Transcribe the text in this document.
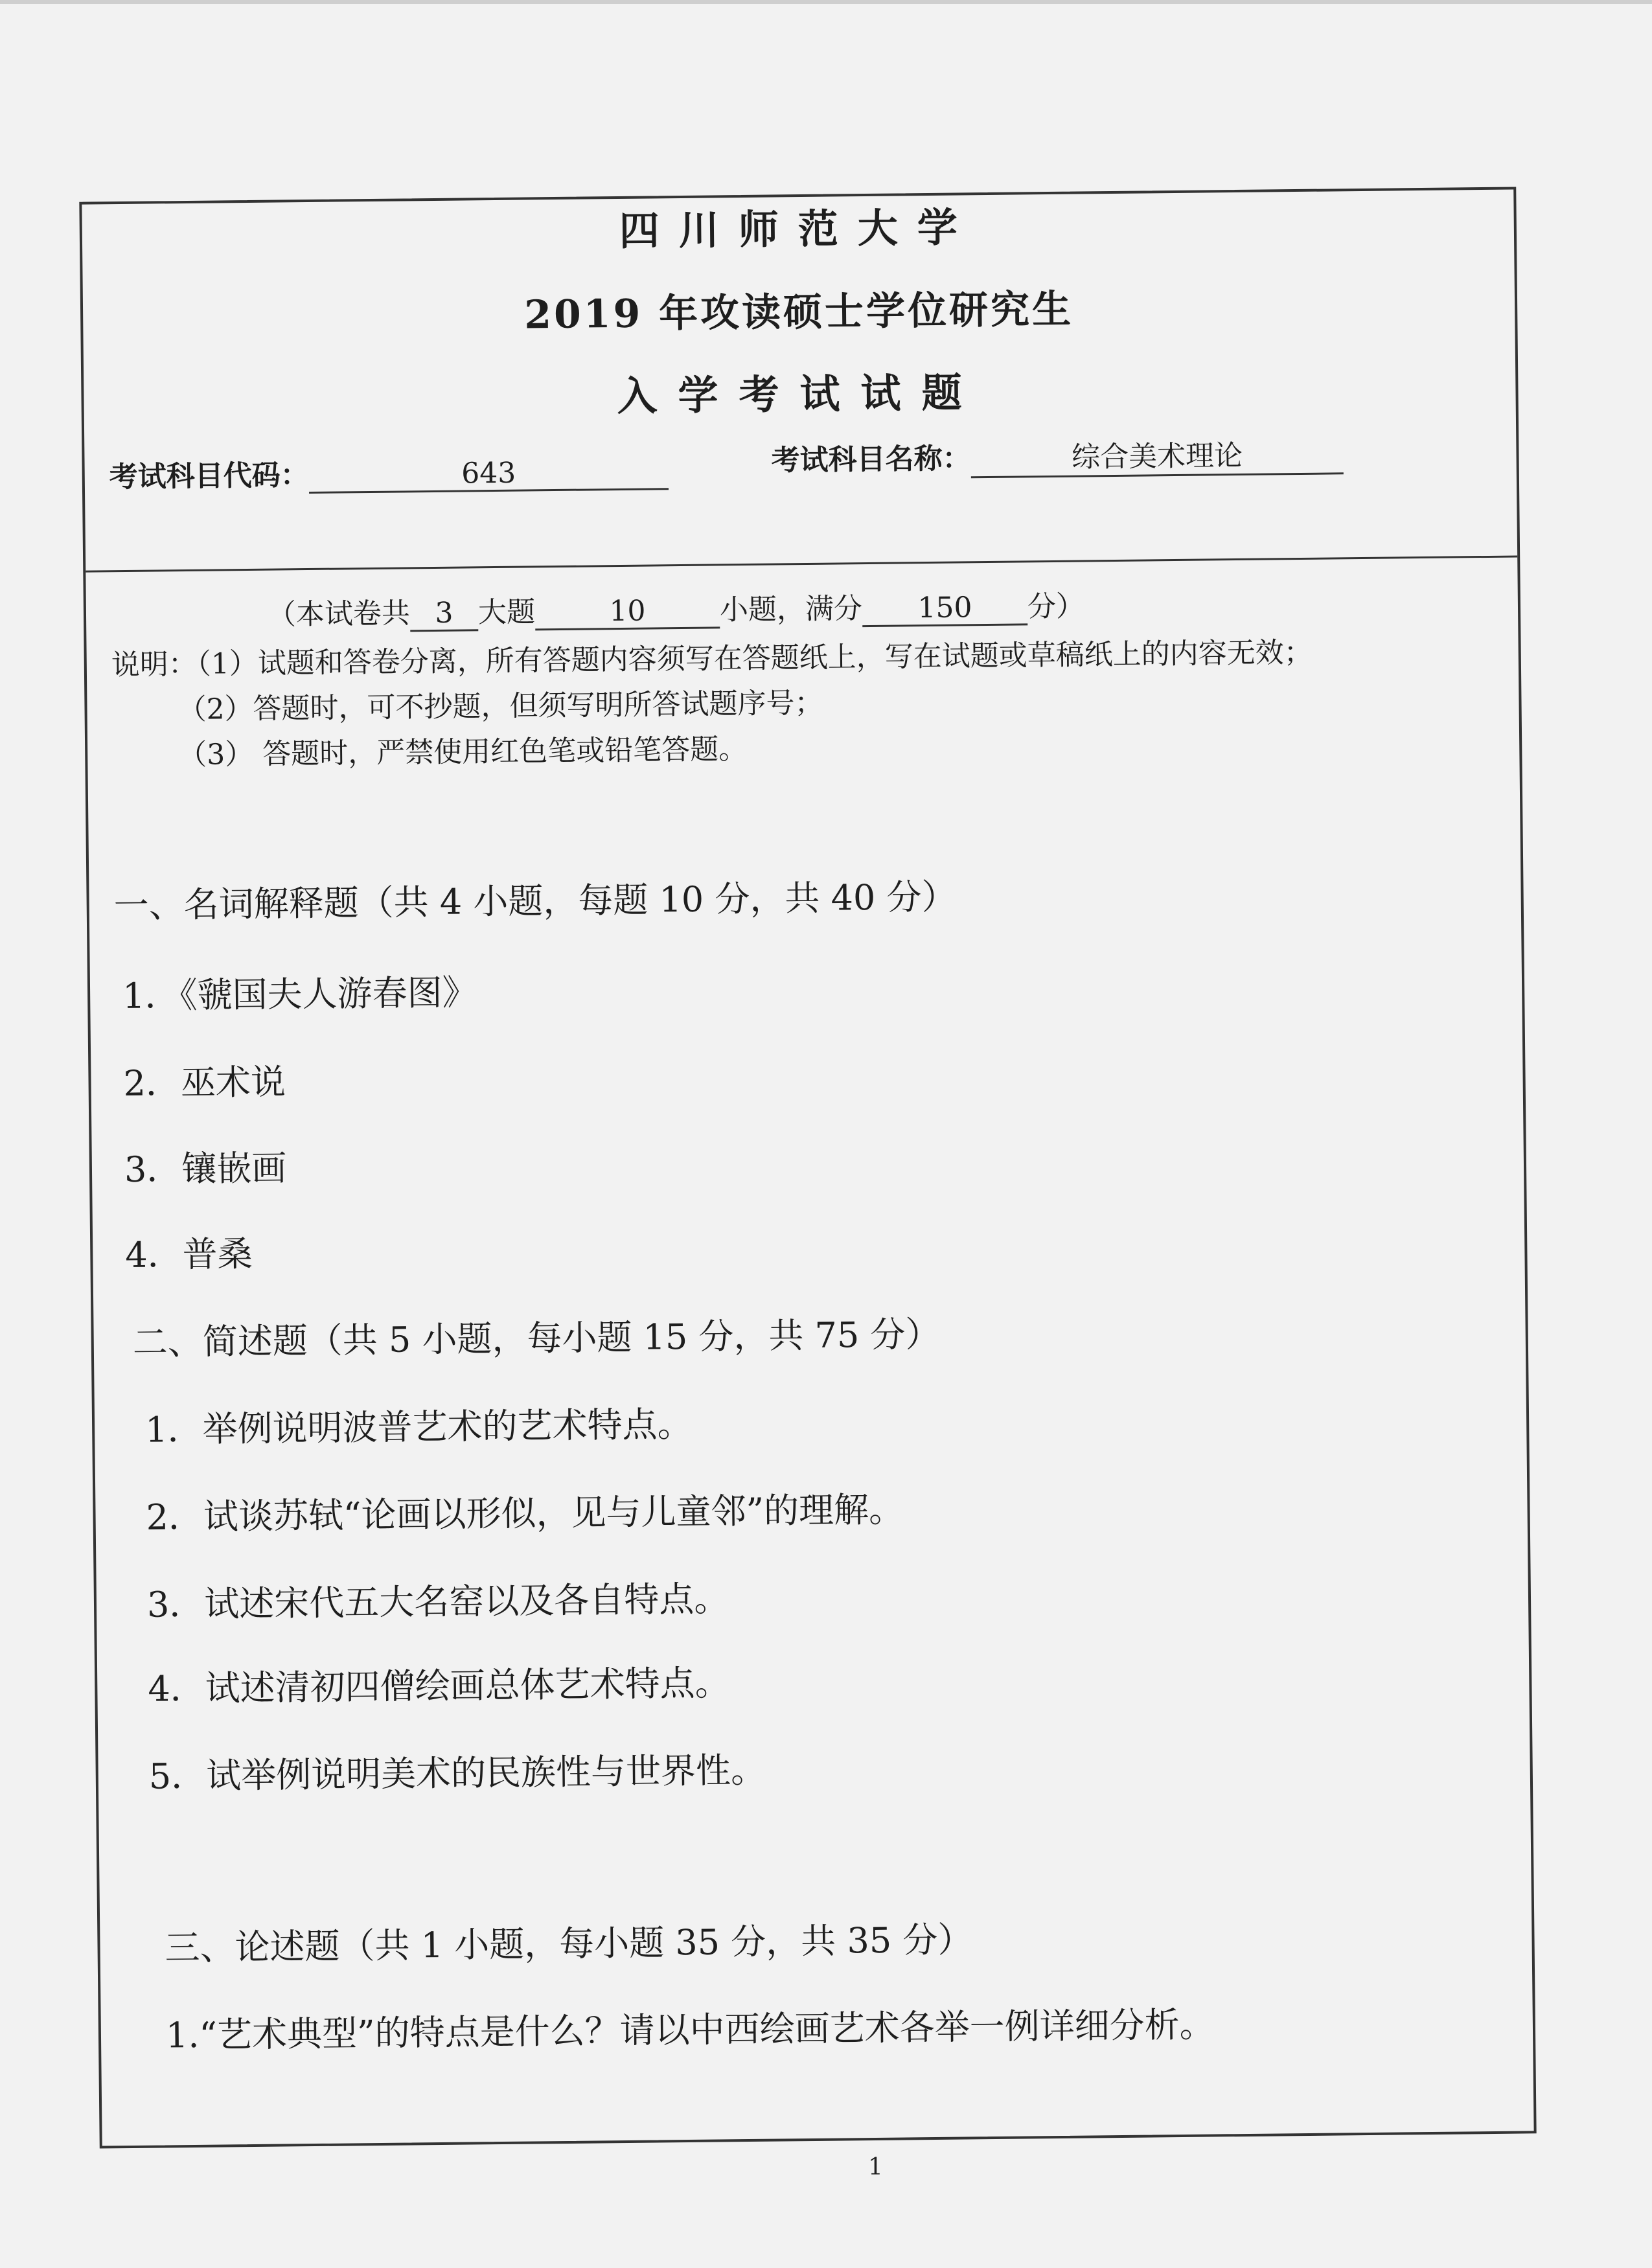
四川师范大学
2019 年攻读硕士学位研究生
入学考试试题
考试科目代码：	643	考试科目名称：	综合美术理论
（本试卷共 3 大题	10	小题，满分 150 分）
说明：（1）试题和答卷分离，所有答题内容须写在答题纸上，写在试题或草稿纸上的内容无效；
（2）答题时，可不抄题，但须写明所答试题序号；
（3） 答题时，严禁使用红色笔或铅笔答题。
一、名词解释题（共 4 小题，每题 10 分，共 40 分）
1．《虢国夫人游春图》
2．巫术说
3．镶嵌画
4．普桑
二、简述题（共 5 小题，每小题 15 分，共 75 分）
1．举例说明波普艺术的艺术特点。
2．试谈苏轼“论画以形似，见与儿童邻”的理解。
3．试述宋代五大名窑以及各自特点。
4．试述清初四僧绘画总体艺术特点。
5．试举例说明美术的民族性与世界性。
三、论述题（共 1 小题，每小题 35 分，共 35 分）
1.“艺术典型”的特点是什么？请以中西绘画艺术各举一例详细分析。
1
